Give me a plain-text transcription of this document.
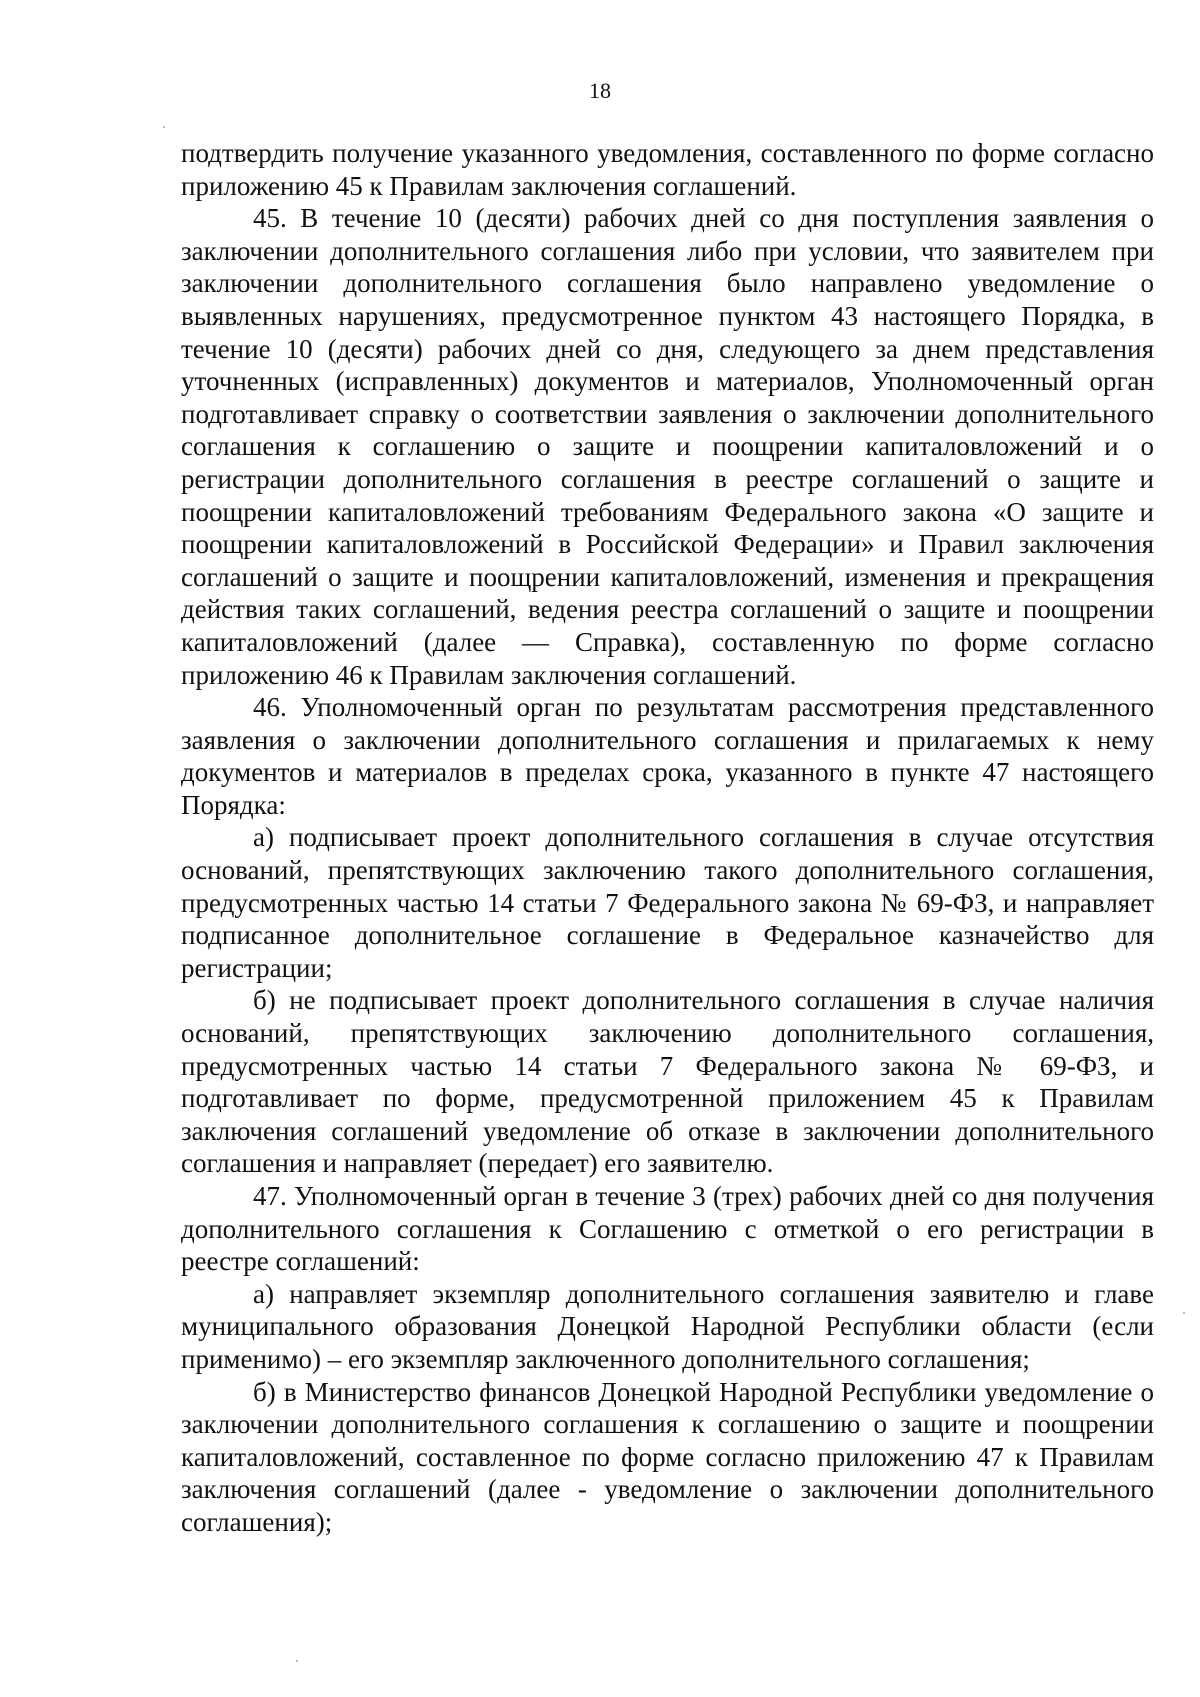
18

подтвердить получение указанного уведомления, составленного по форме согласно приложению 45 к Правилам заключения соглашений.

45. В течение 10 (десяти) рабочих дней со дня поступления заявления о заключении дополнительного соглашения либо при условии, что заявителем при заключении дополнительного соглашения было направлено уведомление о выявленных нарушениях, предусмотренное пунктом 43 настоящего Порядка, в течение 10 (десяти) рабочих дней со дня, следующего за днем представления уточненных (исправленных) документов и материалов, Уполномоченный орган подготавливает справку о соответствии заявления о заключении дополнительного соглашения к соглашению о защите и поощрении капиталовложений и о регистрации дополнительного соглашения в реестре соглашений о защите и поощрении капиталовложений требованиям Федерального закона «О защите и поощрении капиталовложений в Российской Федерации» и Правил заключения соглашений о защите и поощрении капиталовложений, изменения и прекращения действия таких соглашений, ведения реестра соглашений о защите и поощрении капиталовложений (далее — Справка), составленную по форме согласно приложению 46 к Правилам заключения соглашений.

46. Уполномоченный орган по результатам рассмотрения представленного заявления о заключении дополнительного соглашения и прилагаемых к нему документов и материалов в пределах срока, указанного в пункте 47 настоящего Порядка:

а) подписывает проект дополнительного соглашения в случае отсутствия оснований, препятствующих заключению такого дополнительного соглашения, предусмотренных частью 14 статьи 7 Федерального закона № 69-ФЗ, и направляет подписанное дополнительное соглашение в Федеральное казначейство для регистрации;

б) не подписывает проект дополнительного соглашения в случае наличия оснований, препятствующих заключению дополнительного соглашения, предусмотренных частью 14 статьи 7 Федерального закона № 69-ФЗ, и подготавливает по форме, предусмотренной приложением 45 к Правилам заключения соглашений уведомление об отказе в заключении дополнительного соглашения и направляет (передает) его заявителю.

47. Уполномоченный орган в течение 3 (трех) рабочих дней со дня получения дополнительного соглашения к Соглашению с отметкой о его регистрации в реестре соглашений:

а) направляет экземпляр дополнительного соглашения заявителю и главе муниципального образования Донецкой Народной Республики области (если применимо) – его экземпляр заключенного дополнительного соглашения;

б) в Министерство финансов Донецкой Народной Республики уведомление о заключении дополнительного соглашения к соглашению о защите и поощрении капиталовложений, составленное по форме согласно приложению 47 к Правилам заключения соглашений (далее - уведомление о заключении дополнительного соглашения);
